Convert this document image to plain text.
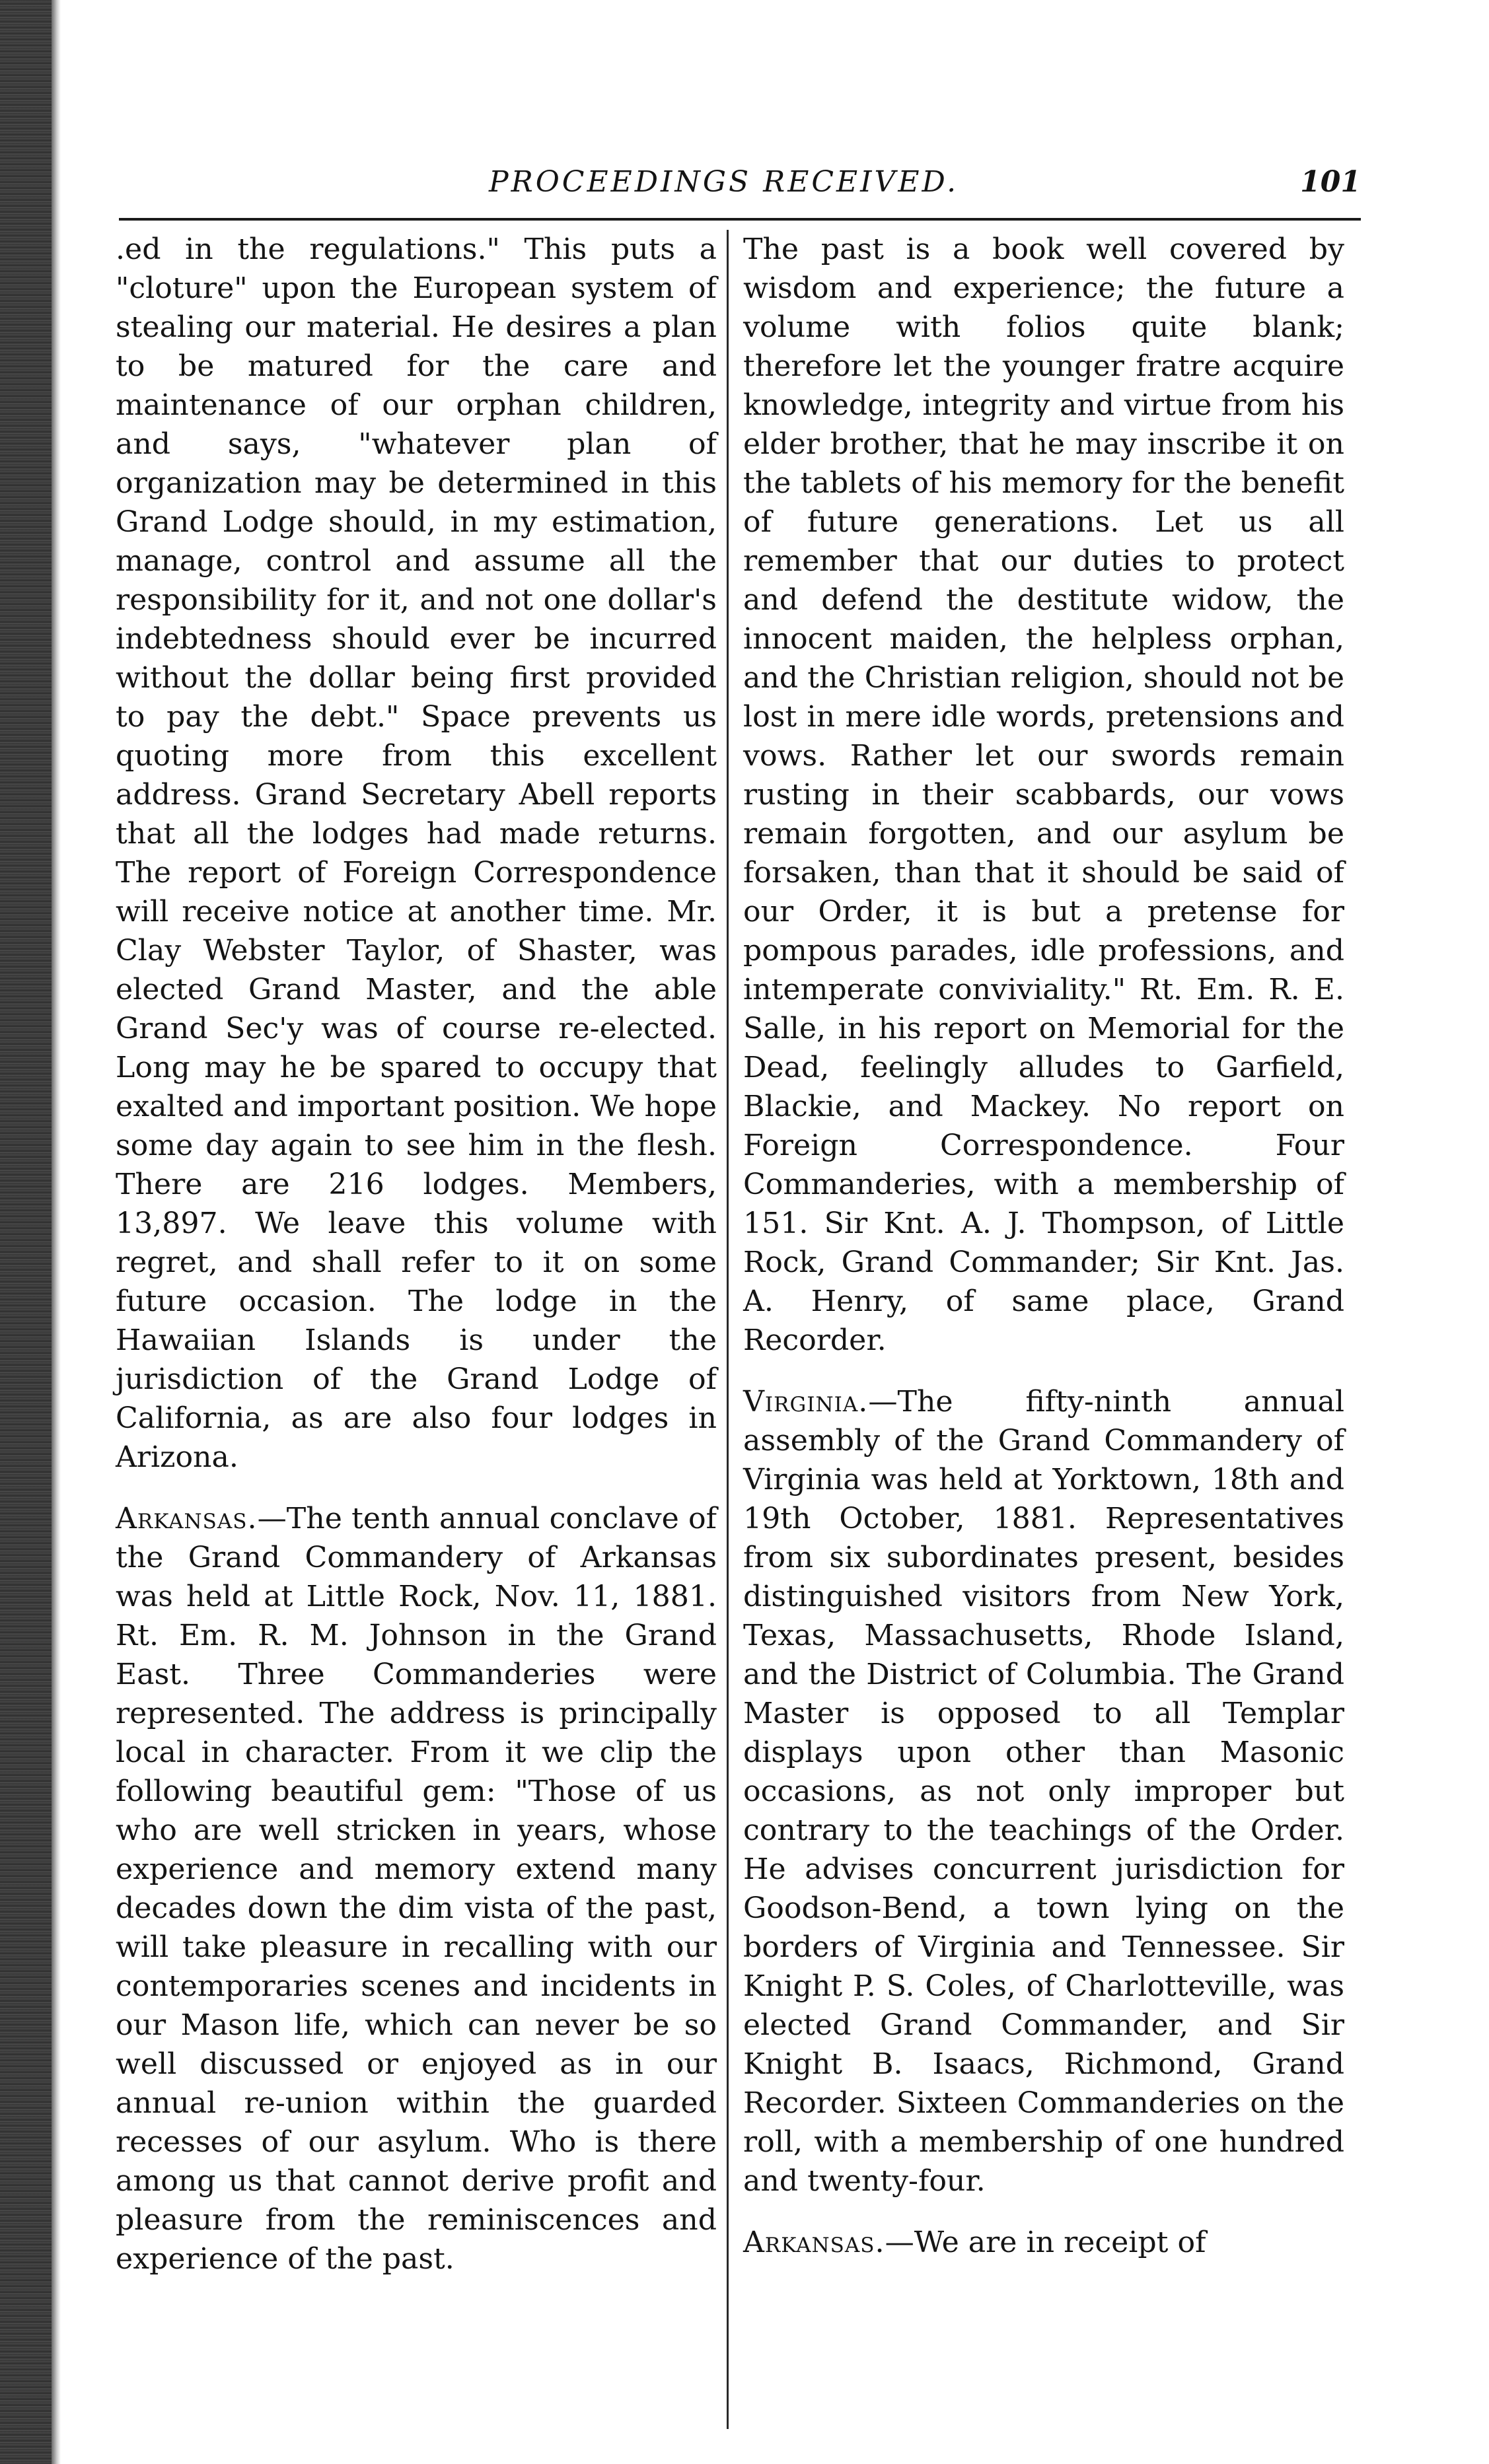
PROCEEDINGS RECEIVED.	101

.ed in the regulations." This puts a "cloture" upon the European system of stealing our material. He desires a plan to be matured for the care and maintenance of our orphan children, and says, "whatever plan of organization may be determined in this Grand Lodge should, in my estimation, manage, control and assume all the responsibility for it, and not one dollar's indebtedness should ever be incurred without the dollar being first provided to pay the debt." Space prevents us quoting more from this excellent address. Grand Secretary Abell reports that all the lodges had made returns. The report of Foreign Correspondence will receive notice at another time. Mr. Clay Webster Taylor, of Shaster, was elected Grand Master, and the able Grand Sec'y was of course re-elected. Long may he be spared to occupy that exalted and important position. We hope some day again to see him in the flesh. There are 216 lodges. Members, 13,897. We leave this volume with regret, and shall refer to it on some future occasion. The lodge in the Hawaiian Islands is under the jurisdiction of the Grand Lodge of California, as are also four lodges in Arizona.

Arkansas.—The tenth annual conclave of the Grand Commandery of Arkansas was held at Little Rock, Nov. 11, 1881. Rt. Em. R. M. Johnson in the Grand East. Three Commanderies were represented. The address is principally local in character. From it we clip the following beautiful gem: "Those of us who are well stricken in years, whose experience and memory extend many decades down the dim vista of the past, will take pleasure in recalling with our contemporaries scenes and incidents in our Mason life, which can never be so well discussed or enjoyed as in our annual re-union within the guarded recesses of our asylum. Who is there among us that cannot derive profit and pleasure from the reminiscences and experience of the past.

The past is a book well covered by wisdom and experience; the future a volume with folios quite blank; therefore let the younger fratre acquire knowledge, integrity and virtue from his elder brother, that he may inscribe it on the tablets of his memory for the benefit of future generations. Let us all remember that our duties to protect and defend the destitute widow, the innocent maiden, the helpless orphan, and the Christian religion, should not be lost in mere idle words, pretensions and vows. Rather let our swords remain rusting in their scabbards, our vows remain forgotten, and our asylum be forsaken, than that it should be said of our Order, it is but a pretense for pompous parades, idle professions, and intemperate conviviality." Rt. Em. R. E. Salle, in his report on Memorial for the Dead, feelingly alludes to Garfield, Blackie, and Mackey. No report on Foreign Correspondence. Four Commanderies, with a membership of 151. Sir Knt. A. J. Thompson, of Little Rock, Grand Commander; Sir Knt. Jas. A. Henry, of same place, Grand Recorder.

Virginia.—The fifty-ninth annual assembly of the Grand Commandery of Virginia was held at Yorktown, 18th and 19th October, 1881. Representatives from six subordinates present, besides distinguished visitors from New York, Texas, Massachusetts, Rhode Island, and the District of Columbia. The Grand Master is opposed to all Templar displays upon other than Masonic occasions, as not only improper but contrary to the teachings of the Order. He advises concurrent jurisdiction for Goodson-Bend, a town lying on the borders of Virginia and Tennessee. Sir Knight P. S. Coles, of Charlotteville, was elected Grand Commander, and Sir Knight B. Isaacs, Richmond, Grand Recorder. Sixteen Commanderies on the roll, with a membership of one hundred and twenty-four.

Arkansas.—We are in receipt of
